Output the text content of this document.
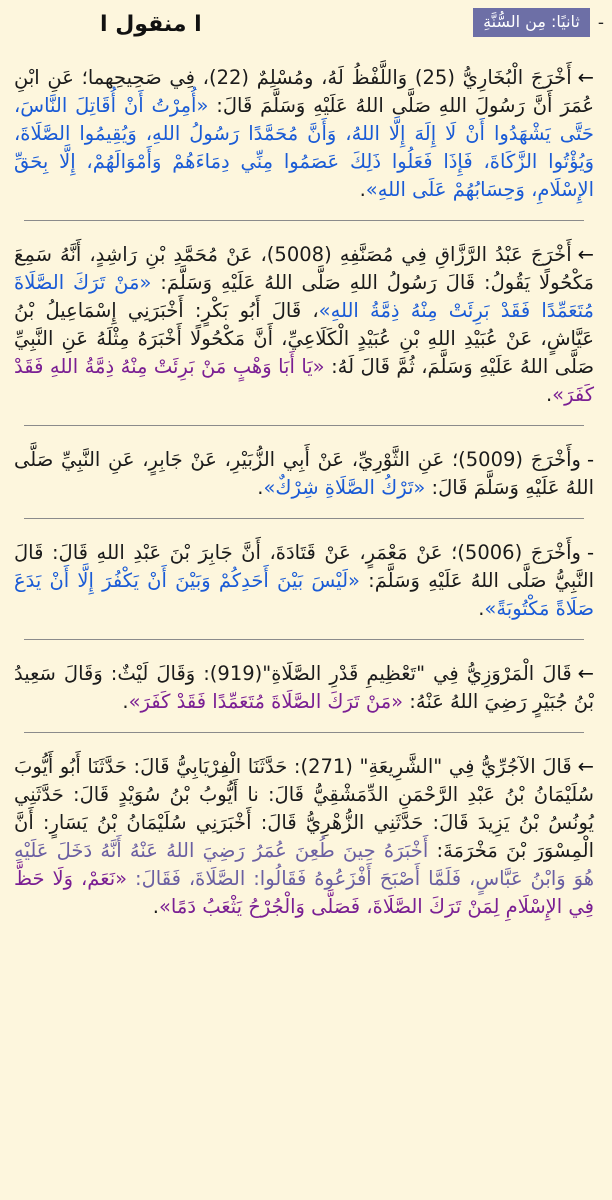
-
ثانيًا: مِن السُّنَّةِ
ا منقول ا

←أَخْرَجَ الْبُخَارِيُّ (25) وَاللَّفْظُ لَهُ، ومُسْلِمٌ (22)، فِي صَحِيحِهما؛ عَنِ ابْنِ عُمَرَ أَنَّ رَسُولَ اللهِ صَلَّى اللهُ عَلَيْهِ وَسَلَّمَ قَالَ: «أُمِرْتُ أَنْ أُقَاتِلَ النَّاسَ، حَتَّى يَشْهَدُوا أَنْ لَا إِلَهَ إِلَّا اللهُ، وَأَنَّ مُحَمَّدًا رَسُولُ اللهِ، وَيُقِيمُوا الصَّلَاةَ، وَيُؤْتُوا الزَّكَاةَ، فَإِذَا فَعَلُوا ذَلِكَ عَصَمُوا مِنِّي دِمَاءَهُمْ وَأَمْوَالَهُمْ، إِلَّا بِحَقِّ الإِسْلَامِ، وَحِسَابُهُمْ عَلَى اللهِ».

←أَخْرَجَ عَبْدُ الرَّزَّاقِ فِي مُصَنَّفِهِ (5008)، عَنْ مُحَمَّدِ بْنِ رَاشِدٍ، أَنَّهُ سَمِعَ مَكْحُولًا يَقُولُ: قَالَ رَسُولُ اللهِ صَلَّى اللهُ عَلَيْهِ وَسَلَّمَ: «مَنْ تَرَكَ الصَّلَاةَ مُتَعَمِّدًا فَقَدْ بَرِئَتْ مِنْهُ ذِمَّةُ اللهِ»، قَالَ أَبُو بَكْرٍ: أَخْبَرَنِي إِسْمَاعِيلُ بْنُ عَيَّاشٍ، عَنْ عُبَيْدِ اللهِ بْنِ عُبَيْدٍ الْكَلَاعِيِّ، أَنَّ مَكْحُولًا أَخْبَرَهُ مِثْلَهُ عَنِ النَّبِيِّ صَلَّى اللهُ عَلَيْهِ وَسَلَّمَ، ثُمَّ قَالَ لَهُ: «يَا أَبَا وَهْبٍ مَنْ بَرِئَتْ مِنْهُ ذِمَّةُ اللهِ فَقَدْ كَفَرَ».

-وأَخْرَجَ (5009)؛ عَنِ الثَّوْرِيِّ، عَنْ أَبِي الزُّبَيْرِ، عَنْ جَابِرٍ، عَنِ النَّبِيِّ صَلَّى اللهُ عَلَيْهِ وَسَلَّمَ قَالَ: «تَرْكُ الصَّلَاةِ شِرْكٌ».

-وأَخْرَجَ (5006)؛ عَنْ مَعْمَرٍ، عَنْ قَتَادَةَ، أَنَّ جَابِرَ بْنَ عَبْدِ اللهِ قَالَ: قَالَ النَّبِيُّ صَلَّى اللهُ عَلَيْهِ وَسَلَّمَ: «لَيْسَ بَيْنَ أَحَدِكُمْ وَبَيْنَ أَنْ يَكْفُرَ إِلَّا أَنْ يَدَعَ صَلَاةً مَكْتُوبَةً».

←قَالَ الْمَرْوَزِيُّ فِي "تَعْظِيمِ قَدْرِ الصَّلَاةِ"(919): وَقَالَ لَيْثٌ: وَقَالَ سَعِيدُ بْنُ جُبَيْرٍ رَضِيَ اللهُ عَنْهُ: «مَنْ تَرَكَ الصَّلَاةَ مُتَعَمِّدًا فَقَدْ كَفَرَ».

←قَالَ الآجُرِّيُّ فِي "الشَّرِيعَةِ" (271): حَدَّثَنَا الْفِرْيَابِيُّ قَالَ: حَدَّثَنَا أَبُو أَيُّوبَ سُلَيْمَانُ بْنُ عَبْدِ الرَّحْمَنِ الدِّمَشْقِيُّ قَالَ: نا أَيُّوبُ بْنُ سُوَيْدٍ قَالَ: حَدَّثَنِي يُونُسُ بْنُ يَزِيدَ قَالَ: حَدَّثَنِي الزُّهْرِيُّ قَالَ: أَخْبَرَنِي سُلَيْمَانُ بْنُ يَسَارٍ: أَنَّ الْمِسْوَرَ بْنَ مَخْرَمَةَ: أَخْبَرَهُ حِينَ طُعِنَ عُمَرُ رَضِيَ اللهُ عَنْهُ أَنَّهُ دَخَلَ عَلَيْهِ هُوَ وَابْنُ عَبَّاسٍ، فَلَمَّا أَصْبَحَ أَفْزَعُوهُ فَقَالُوا: الصَّلَاةَ، فَقَالَ: «نَعَمْ، وَلَا حَظَّ فِي الإِسْلَامِ لِمَنْ تَرَكَ الصَّلَاةَ، فَصَلَّى وَالْجُرْحُ يَثْعَبُ دَمًا».
